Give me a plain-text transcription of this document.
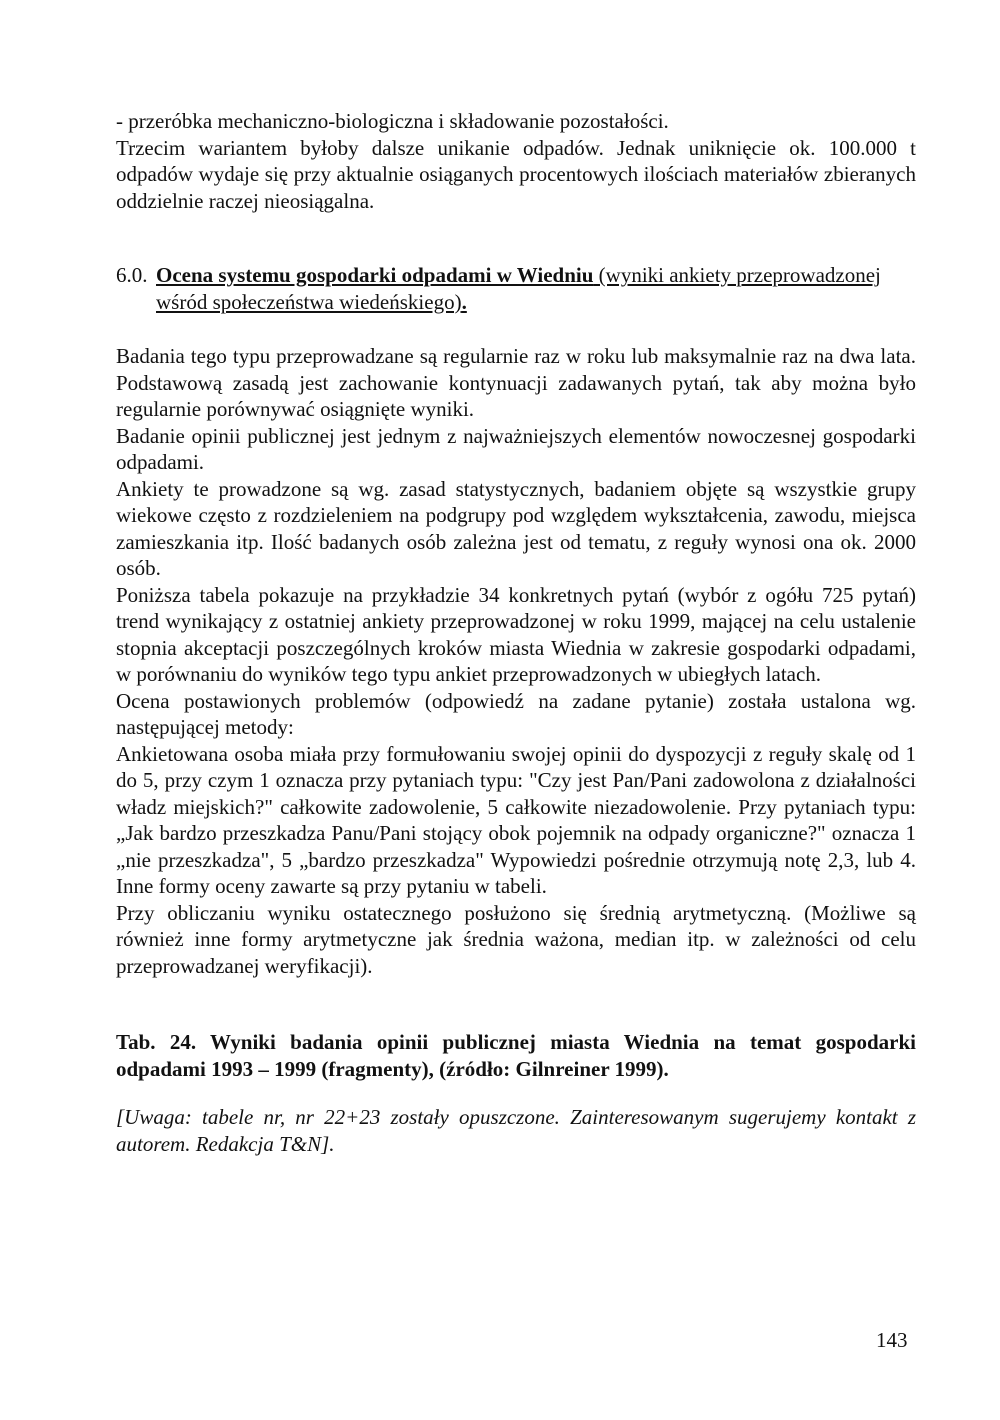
- przeróbka mechaniczno-biologiczna i składowanie pozostałości.

Trzecim wariantem byłoby dalsze unikanie odpadów. Jednak uniknięcie ok. 100.000 t odpadów wydaje się przy aktualnie osiąganych procentowych ilościach materiałów zbieranych oddzielnie raczej nieosiągalna.

6.0. Ocena systemu gospodarki odpadami w Wiedniu (wyniki ankiety przeprowadzonej wśród społeczeństwa wiedeńskiego).

Badania tego typu przeprowadzane są regularnie raz w roku lub maksymalnie raz na dwa lata. Podstawową zasadą jest zachowanie kontynuacji zadawanych pytań, tak aby można było regularnie porównywać osiągnięte wyniki.

Badanie opinii publicznej jest jednym z najważniejszych elementów nowoczesnej gospodarki odpadami.

Ankiety te prowadzone są wg. zasad statystycznych, badaniem objęte są wszystkie grupy wiekowe często z rozdzieleniem na podgrupy pod względem wykształcenia, zawodu, miejsca zamieszkania itp. Ilość badanych osób zależna jest od tematu, z reguły wynosi ona ok. 2000 osób.

Poniższa tabela pokazuje na przykładzie 34 konkretnych pytań (wybór z ogółu 725 pytań) trend wynikający z ostatniej ankiety przeprowadzonej w roku 1999, mającej na celu ustalenie stopnia akceptacji poszczególnych kroków miasta Wiednia w zakresie gospodarki odpadami, w porównaniu do wyników tego typu ankiet przeprowadzonych w ubiegłych latach.

Ocena postawionych problemów (odpowiedź na zadane pytanie) została ustalona wg. następującej metody:

Ankietowana osoba miała przy formułowaniu swojej opinii do dyspozycji z reguły skalę od 1 do 5, przy czym 1 oznacza przy pytaniach typu: "Czy jest Pan/Pani zadowolona z działalności władz miejskich?" całkowite zadowolenie, 5 całkowite niezadowolenie. Przy pytaniach typu: „Jak bardzo przeszkadza Panu/Pani stojący obok pojemnik na odpady organiczne?" oznacza 1 „nie przeszkadza", 5 „bardzo przeszkadza" Wypowiedzi pośrednie otrzymują notę 2,3, lub 4. Inne formy oceny zawarte są przy pytaniu w tabeli.

Przy obliczaniu wyniku ostatecznego posłużono się średnią arytmetyczną. (Możliwe są również inne formy arytmetyczne jak średnia ważona, median itp. w zależności od celu przeprowadzanej weryfikacji).

Tab. 24. Wyniki badania opinii publicznej miasta Wiednia na temat gospodarki odpadami 1993 – 1999 (fragmenty), (źródło: Gilnreiner 1999).

[Uwaga: tabele nr, nr 22+23 zostały opuszczone. Zainteresowanym sugerujemy kontakt z autorem. Redakcja T&N].

143
